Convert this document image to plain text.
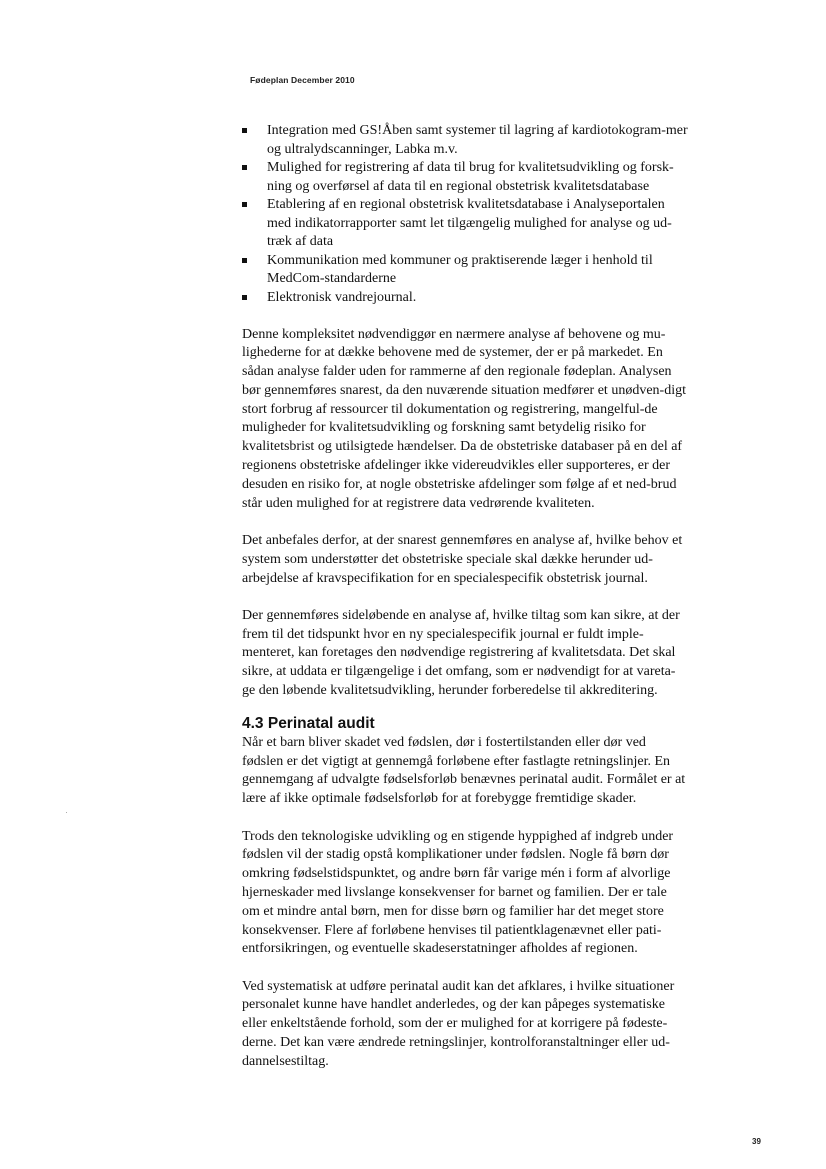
Fødeplan December 2010
Integration med GS!Åben samt systemer til lagring af kardiotokogram-mer og ultralydscanninger, Labka m.v.
Mulighed for registrering af data til brug for kvalitetsudvikling og forsk-ning og overførsel af data til en regional obstetrisk kvalitetsdatabase
Etablering af en regional obstetrisk kvalitetsdatabase i Analyseportalen med indikatorrapporter samt let tilgængelig mulighed for analyse og ud-træk af data
Kommunikation med kommuner og praktiserende læger i henhold til MedCom-standarderne
Elektronisk vandrejournal.

Denne kompleksitet nødvendiggør en nærmere analyse af behovene og mu-lighederne for at dække behovene med de systemer, der er på markedet. En sådan analyse falder uden for rammerne af den regionale fødeplan. Analysen bør gennemføres snarest, da den nuværende situation medfører et unødven-digt stort forbrug af ressourcer til dokumentation og registrering, mangelful-de muligheder for kvalitetsudvikling og forskning samt betydelig risiko for kvalitetsbrist og utilsigtede hændelser. Da de obstetriske databaser på en del af regionens obstetriske afdelinger ikke videreudvikles eller supporteres, er der desuden en risiko for, at nogle obstetriske afdelinger som følge af et ned-brud står uden mulighed for at registrere data vedrørende kvaliteten.

Det anbefales derfor, at der snarest gennemføres en analyse af, hvilke behov et system som understøtter det obstetriske speciale skal dække herunder ud-arbejdelse af kravspecifikation for en specialespecifik obstetrisk journal.

Der gennemføres sideløbende en analyse af, hvilke tiltag som kan sikre, at der frem til det tidspunkt hvor en ny specialespecifik journal er fuldt imple-menteret, kan foretages den nødvendige registrering af kvalitetsdata. Det skal sikre, at uddata er tilgængelige i det omfang, som er nødvendigt for at vareta-ge den løbende kvalitetsudvikling, herunder forberedelse til akkreditering.

4.3 Perinatal audit

Når et barn bliver skadet ved fødslen, dør i fostertilstanden eller dør ved fødslen er det vigtigt at gennemgå forløbene efter fastlagte retningslinjer. En gennemgang af udvalgte fødselsforløb benævnes perinatal audit. Formålet er at lære af ikke optimale fødselsforløb for at forebygge fremtidige skader.

Trods den teknologiske udvikling og en stigende hyppighed af indgreb under fødslen vil der stadig opstå komplikationer under fødslen. Nogle få børn dør omkring fødselstidspunktet, og andre børn får varige mén i form af alvorlige hjerneskader med livslange konsekvenser for barnet og familien. Der er tale om et mindre antal børn, men for disse børn og familier har det meget store konsekvenser. Flere af forløbene henvises til patientklagenævnet eller pati-entforsikringen, og eventuelle skadeserstatninger afholdes af regionen.

Ved systematisk at udføre perinatal audit kan det afklares, i hvilke situationer personalet kunne have handlet anderledes, og der kan påpeges systematiske eller enkeltstående forhold, som der er mulighed for at korrigere på fødeste-derne. Det kan være ændrede retningslinjer, kontrolforanstaltninger eller ud-dannelsestiltag.

39
